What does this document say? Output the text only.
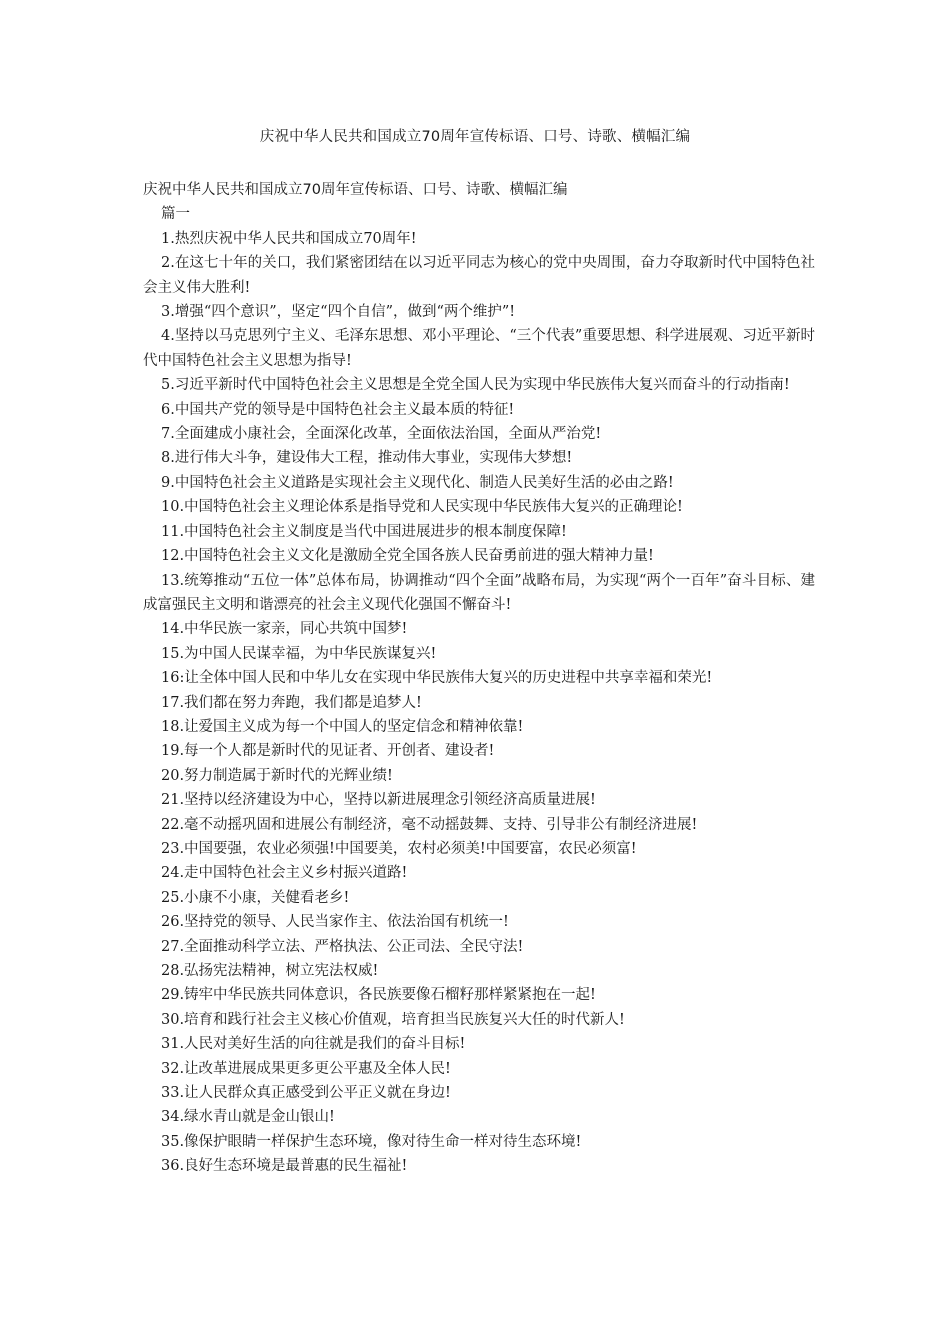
庆祝中华人民共和国成立70周年宣传标语、口号、诗歌、横幅汇编

庆祝中华人民共和国成立70周年宣传标语、口号、诗歌、横幅汇编

篇一

1.热烈庆祝中华人民共和国成立70周年!

2.在这七十年的关口，我们紧密团结在以习近平同志为核心的党中央周围，奋力夺取新时代中国特色社会主义伟大胜利!

3.增强“四个意识”，坚定“四个自信”，做到“两个维护”!

4.坚持以马克思列宁主义、毛泽东思想、邓小平理论、“三个代表”重要思想、科学进展观、习近平新时代中国特色社会主义思想为指导!

5.习近平新时代中国特色社会主义思想是全党全国人民为实现中华民族伟大复兴而奋斗的行动指南!

6.中国共产党的领导是中国特色社会主义最本质的特征!

7.全面建成小康社会，全面深化改革，全面依法治国，全面从严治党!

8.进行伟大斗争，建设伟大工程，推动伟大事业，实现伟大梦想!

9.中国特色社会主义道路是实现社会主义现代化、制造人民美好生活的必由之路!

10.中国特色社会主义理论体系是指导党和人民实现中华民族伟大复兴的正确理论!

11.中国特色社会主义制度是当代中国进展进步的根本制度保障!

12.中国特色社会主义文化是激励全党全国各族人民奋勇前进的强大精神力量!

13.统筹推动“五位一体”总体布局，协调推动“四个全面”战略布局，为实现“两个一百年”奋斗目标、建成富强民主文明和谐漂亮的社会主义现代化强国不懈奋斗!

14.中华民族一家亲，同心共筑中国梦!

15.为中国人民谋幸福，为中华民族谋复兴!

16:让全体中国人民和中华儿女在实现中华民族伟大复兴的历史进程中共享幸福和荣光!

17.我们都在努力奔跑，我们都是追梦人!

18.让爱国主义成为每一个中国人的坚定信念和精神依靠!

19.每一个人都是新时代的见证者、开创者、建设者!

20.努力制造属于新时代的光辉业绩!

21.坚持以经济建设为中心，坚持以新进展理念引领经济高质量进展!

22.毫不动摇巩固和进展公有制经济，毫不动摇鼓舞、支持、引导非公有制经济进展!

23.中国要强，农业必须强!中国要美，农村必须美!中国要富，农民必须富!

24.走中国特色社会主义乡村振兴道路!

25.小康不小康，关健看老乡!

26.坚持党的领导、人民当家作主、依法治国有机统一!

27.全面推动科学立法、严格执法、公正司法、全民守法!

28.弘扬宪法精神，树立宪法权威!

29.铸牢中华民族共同体意识，各民族要像石榴籽那样紧紧抱在一起!

30.培育和践行社会主义核心价值观，培育担当民族复兴大任的时代新人!

31.人民对美好生活的向往就是我们的奋斗目标!

32.让改革进展成果更多更公平惠及全体人民!

33.让人民群众真正感受到公平正义就在身边!

34.绿水青山就是金山银山!

35.像保护眼睛一样保护生态环境，像对待生命一样对待生态环境!

36.良好生态环境是最普惠的民生福祉!
